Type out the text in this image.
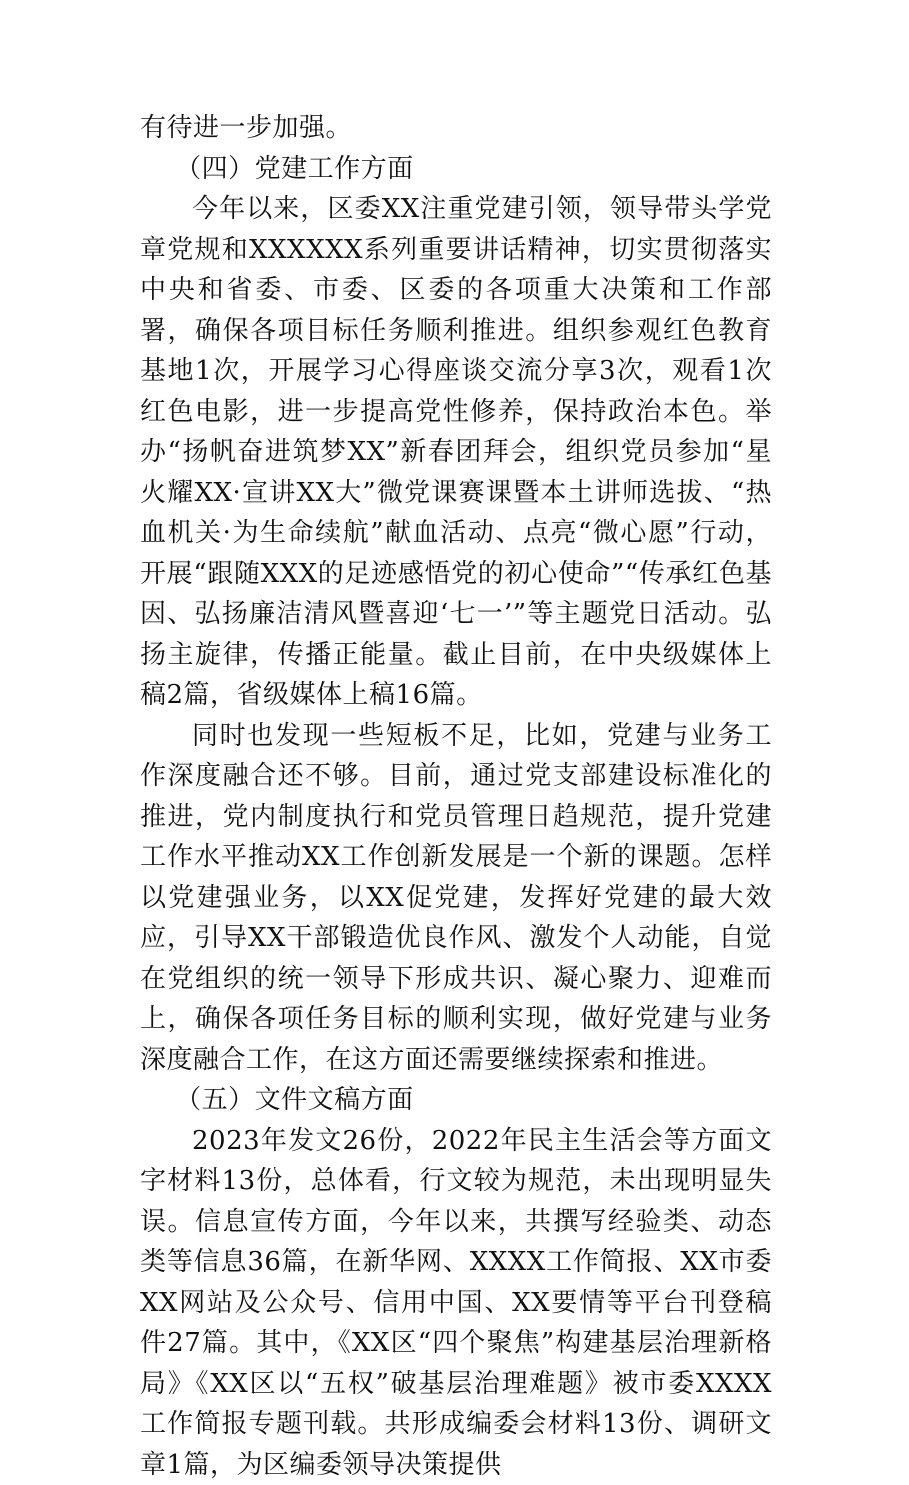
有待进一步加强。

（四）党建工作方面

今年以来，区委XX注重党建引领，领导带头学党章党规和XXXXXX系列重要讲话精神，切实贯彻落实中央和省委、市委、区委的各项重大决策和工作部署，确保各项目标任务顺利推进。组织参观红色教育基地1次，开展学习心得座谈交流分享3次，观看1次红色电影，进一步提高党性修养，保持政治本色。举办“扬帆奋进筑梦XX”新春团拜会，组织党员参加“星火耀XX·宣讲XX大”微党课赛课暨本土讲师选拔、“热血机关·为生命续航”献血活动、点亮“微心愿”行动，开展“跟随XXX的足迹感悟党的初心使命”“传承红色基因、弘扬廉洁清风暨喜迎‘七一’”等主题党日活动。弘扬主旋律，传播正能量。截止目前，在中央级媒体上稿2篇，省级媒体上稿16篇。

同时也发现一些短板不足，比如，党建与业务工作深度融合还不够。目前，通过党支部建设标准化的推进，党内制度执行和党员管理日趋规范，提升党建工作水平推动XX工作创新发展是一个新的课题。怎样以党建强业务，以XX促党建，发挥好党建的最大效应，引导XX干部锻造优良作风、激发个人动能，自觉在党组织的统一领导下形成共识、凝心聚力、迎难而上，确保各项任务目标的顺利实现，做好党建与业务深度融合工作，在这方面还需要继续探索和推进。

（五）文件文稿方面

2023年发文26份，2022年民主生活会等方面文字材料13份，总体看，行文较为规范，未出现明显失误。信息宣传方面，今年以来，共撰写经验类、动态类等信息36篇，在新华网、XXXX工作简报、XX市委XX网站及公众号、信用中国、XX要情等平台刊登稿件27篇。其中，《XX区“四个聚焦”构建基层治理新格局》《XX区以“五权”破基层治理难题》被市委XXXX工作简报专题刊载。共形成编委会材料13份、调研文章1篇，为区编委领导决策提供
